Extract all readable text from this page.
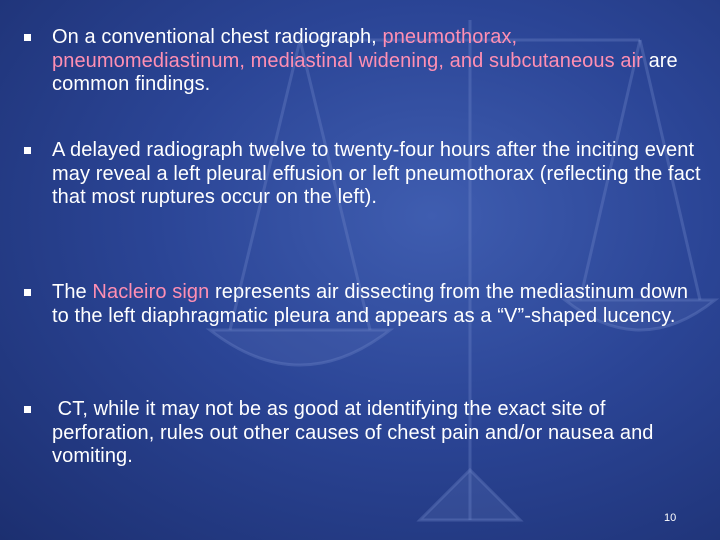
On a conventional chest radiograph, pneumothorax, pneumomediastinum, mediastinal widening, and subcutaneous air are common findings.

A delayed radiograph twelve to twenty-four hours after the inciting event may reveal a left pleural effusion or left pneumothorax (reflecting the fact that most ruptures occur on the left).

The Nacleiro sign represents air dissecting from the mediastinum down to the left diaphragmatic pleura and appears as a “V”-shaped lucency.

CT, while it may not be as good at identifying the exact site of perforation, rules out other causes of chest pain and/or nausea and vomiting.

10
